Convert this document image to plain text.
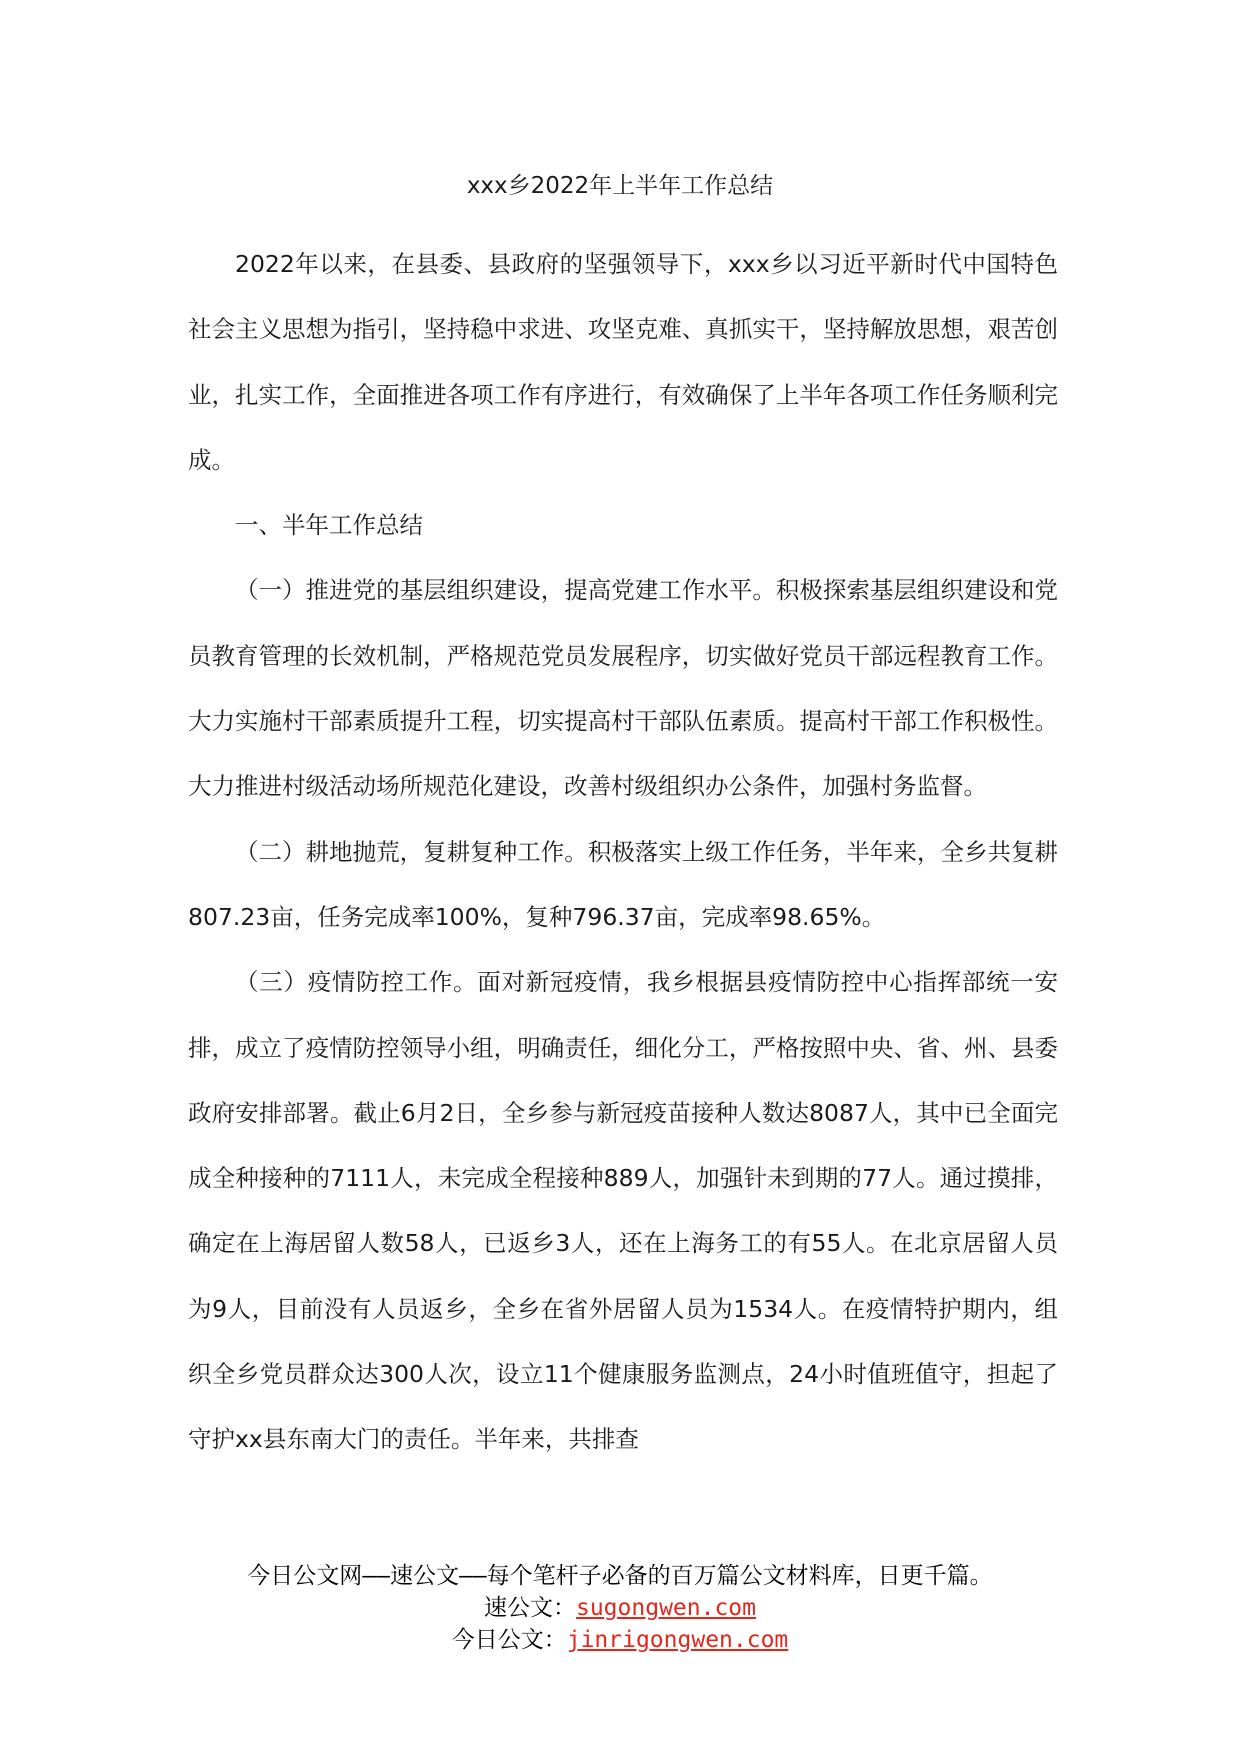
xxx乡2022年上半年工作总结

2022年以来，在县委、县政府的坚强领导下，xxx乡以习近平新时代中国特色社会主义思想为指引，坚持稳中求进、攻坚克难、真抓实干，坚持解放思想，艰苦创业，扎实工作，全面推进各项工作有序进行，有效确保了上半年各项工作任务顺利完成。

一、半年工作总结

（一）推进党的基层组织建设，提高党建工作水平。积极探索基层组织建设和党员教育管理的长效机制，严格规范党员发展程序，切实做好党员干部远程教育工作。大力实施村干部素质提升工程，切实提高村干部队伍素质。提高村干部工作积极性。大力推进村级活动场所规范化建设，改善村级组织办公条件，加强村务监督。

（二）耕地抛荒，复耕复种工作。积极落实上级工作任务，半年来，全乡共复耕807.23亩，任务完成率100%，复种796.37亩，完成率98.65%。

（三）疫情防控工作。面对新冠疫情，我乡根据县疫情防控中心指挥部统一安排，成立了疫情防控领导小组，明确责任，细化分工，严格按照中央、省、州、县委政府安排部署。截止6月2日，全乡参与新冠疫苗接种人数达8087人，其中已全面完成全种接种的7111人，未完成全程接种889人，加强针未到期的77人。通过摸排，确定在上海居留人数58人，已返乡3人，还在上海务工的有55人。在北京居留人员为9人，目前没有人员返乡，全乡在省外居留人员为1534人。在疫情特护期内，组织全乡党员群众达300人次，设立11个健康服务监测点，24小时值班值守，担起了守护xx县东南大门的责任。半年来，共排查

今日公文网——速公文——每个笔杆子必备的百万篇公文材料库，日更千篇。
速公文：sugongwen.com
今日公文：jinrigongwen.com
